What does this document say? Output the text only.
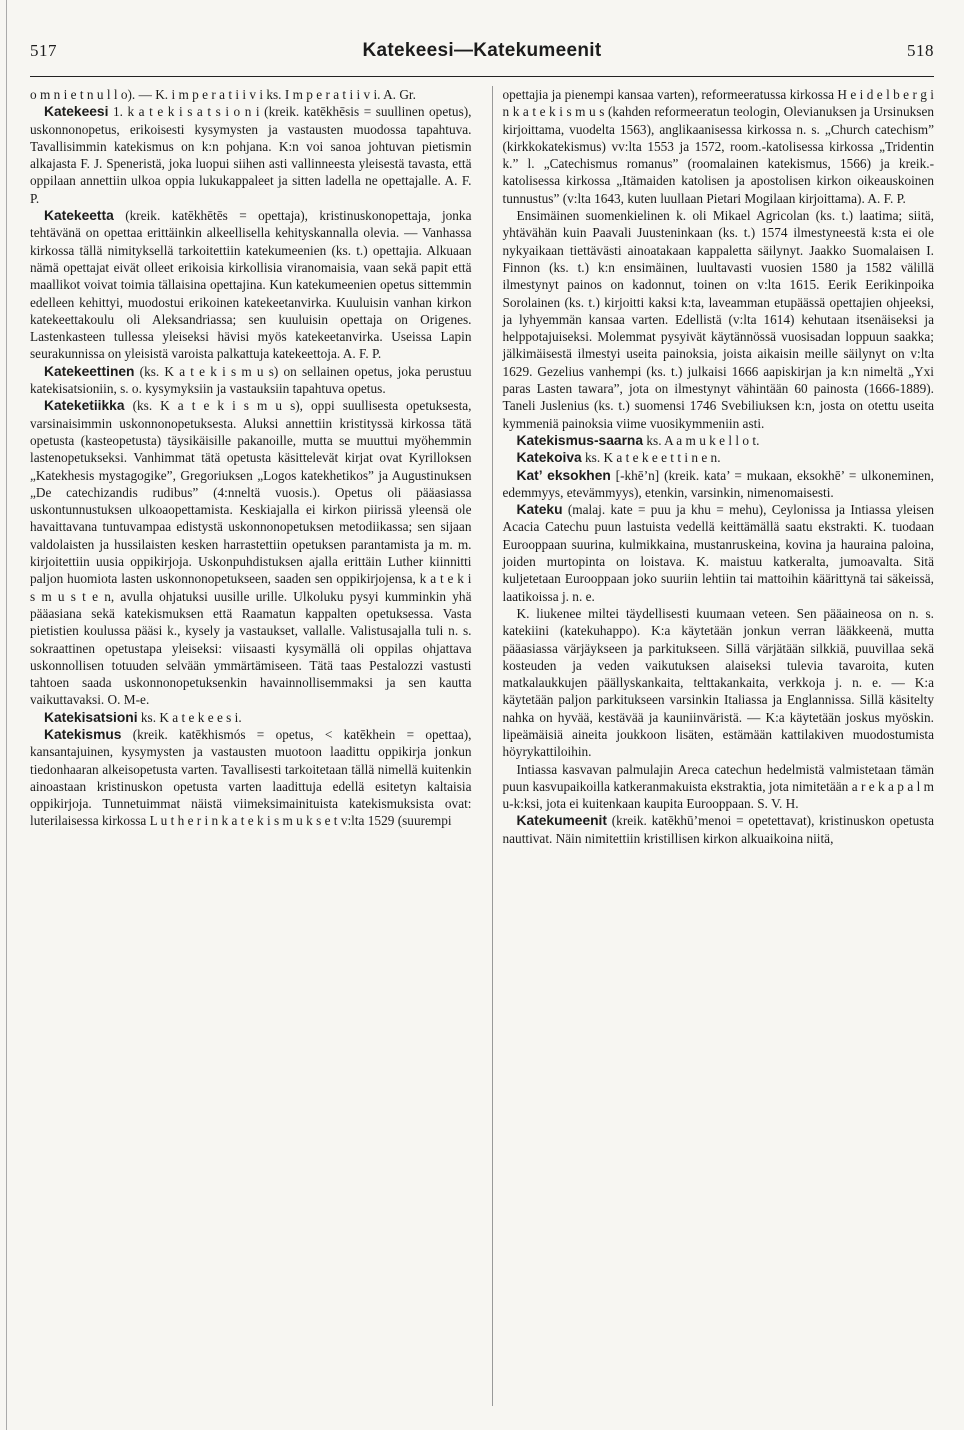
517	Katekeesi—Katekumeenit	518

o m n i e t n u l l o). — K. i m p e r a t i i v i ks. I m p e r a t i i v i. A. Gr.

Katekeesi 1. k a t e k i s a t s i o n i (kreik. katēkhēsis = suullinen opetus), uskonnonopetus, erikoisesti kysymysten ja vastausten muodossa tapahtuva. Tavallisimmin katekismus on k:n pohjana. K:n voi sanoa johtuvan pietismin alkajasta F. J. Speneristä, joka luopui siihen asti vallinneesta yleisestä tavasta, että oppilaan annettiin ulkoa oppia lukukappaleet ja sitten ladella ne opettajalle. A. F. P.

Katekeetta (kreik. katēkhētēs = opettaja), kristinuskonopettaja, jonka tehtävänä on opettaa erittäinkin alkeellisella kehityskannalla olevia. — Vanhassa kirkossa tällä nimityksellä tarkoitettiin katekumeenien (ks. t.) opettajia. Alkuaan nämä opettajat eivät olleet erikoisia kirkollisia viranomaisia, vaan sekä papit että maallikot voivat toimia tällaisina opettajina. Kun katekumeenien opetus sittemmin edelleen kehittyi, muodostui erikoinen katekeetanvirka. Kuuluisin vanhan kirkon katekeettakoulu oli Aleksandriassa; sen kuuluisin opettaja on Origenes. Lastenkasteen tullessa yleiseksi hävisi myös katekeetanvirka. Useissa Lapin seurakunnissa on yleisistä varoista palkattuja katekeettoja. A. F. P.

Katekeettinen (ks. K a t e k i s m u s) on sellainen opetus, joka perustuu katekisatsioniin, s. o. kysymyksiin ja vastauksiin tapahtuva opetus.

Kateketiikka (ks. K a t e k i s m u s), oppi suullisesta opetuksesta, varsinaisimmin uskonnonopetuksesta. Aluksi annettiin kristityssä kirkossa tätä opetusta (kasteopetusta) täysikäisille pakanoille, mutta se muuttui myöhemmin lastenopetukseksi. Vanhimmat tätä opetusta käsittelevät kirjat ovat Kyrilloksen „Katekhesis mystagogike”, Gregoriuksen „Logos katekhetikos” ja Augustinuksen „De catechizandis rudibus” (4:nneltä vuosis.). Opetus oli pääasiassa uskontunnustuksen ulkoaopettamista. Keskiajalla ei kirkon piirissä yleensä ole havaittavana tuntuvampaa edistystä uskonnonopetuksen metodiikassa; sen sijaan valdolaisten ja hussilaisten kesken harrastettiin opetuksen parantamista ja m. m. kirjoitettiin uusia oppikirjoja. Uskonpuhdistuksen ajalla erittäin Luther kiinnitti paljon huomiota lasten uskonnonopetukseen, saaden sen oppikirjojensa, k a t e k i s m u s t e n, avulla ohjatuksi uusille urille. Ulkoluku pysyi kumminkin yhä pääasiana sekä katekismuksen että Raamatun kappalten opetuksessa. Vasta pietistien koulussa pääsi k., kysely ja vastaukset, vallalle. Valistusajalla tuli n. s. sokraattinen opetustapa yleiseksi: viisaasti kysymällä oli oppilas ohjattava uskonnollisen totuuden selvään ymmärtämiseen. Tätä taas Pestalozzi vastusti tahtoen saada uskonnonopetuksenkin havainnollisemmaksi ja sen kautta vaikuttavaksi. O. M-e.

Katekisatsioni ks. K a t e k e e s i.

Katekismus (kreik. katēkhismós = opetus, < katēkhein = opettaa), kansantajuinen, kysymysten ja vastausten muotoon laadittu oppikirja jonkun tiedonhaaran alkeisopetusta varten. Tavallisesti tarkoitetaan tällä nimellä kuitenkin ainoastaan kristinuskon opetusta varten laadittuja edellä esitetyn kaltaisia oppikirjoja. Tunnetuimmat näistä viimeksimainituista katekismuksista ovat: luterilaisessa kirkossa L u t h e r i n k a t e k i s m u k s e t v:lta 1529 (suurempi

opettajia ja pienempi kansaa varten), reformeeratussa kirkossa H e i d e l b e r g i n k a t e k i s m u s (kahden reformeeratun teologin, Olevianuksen ja Ursinuksen kirjoittama, vuodelta 1563), anglikaanisessa kirkossa n. s. „Church catechism” (kirkkokatekismus) vv:lta 1553 ja 1572, room.-katolisessa kirkossa „Tridentin k.” l. „Catechismus romanus” (roomalainen katekismus, 1566) ja kreik.-katolisessa kirkossa „Itämaiden katolisen ja apostolisen kirkon oikeauskoinen tunnustus” (v:lta 1643, kuten luullaan Pietari Mogilaan kirjoittama). A. F. P.

Ensimäinen suomenkielinen k. oli Mikael Agricolan (ks. t.) laatima; siitä, yhtävähän kuin Paavali Juusteninkaan (ks. t.) 1574 ilmestyneestä k:sta ei ole nykyaikaan tiettävästi ainoatakaan kappaletta säilynyt. Jaakko Suomalaisen I. Finnon (ks. t.) k:n ensimäinen, luultavasti vuosien 1580 ja 1582 välillä ilmestynyt painos on kadonnut, toinen on v:lta 1615. Eerik Eerikinpoika Sorolainen (ks. t.) kirjoitti kaksi k:ta, laveamman etupäässä opettajien ohjeeksi, ja lyhyemmän kansaa varten. Edellistä (v:lta 1614) kehutaan itsenäiseksi ja helppotajuiseksi. Molemmat pysyivät käytännössä vuosisadan loppuun saakka; jälkimäisestä ilmestyi useita painoksia, joista aikaisin meille säilynyt on v:lta 1629. Gezelius vanhempi (ks. t.) julkaisi 1666 aapiskirjan ja k:n nimeltä „Yxi paras Lasten tawara”, jota on ilmestynyt vähintään 60 painosta (1666-1889). Taneli Juslenius (ks. t.) suomensi 1746 Svebiliuksen k:n, josta on otettu useita kymmeniä painoksia viime vuosikymmeniin asti.

Katekismus-saarna ks. A a m u k e l l o t.

Katekoiva ks. K a t e k e e t t i n e n.

Kat’ eksokhen [-khē’n] (kreik. kata’ = mukaan, eksokhē’ = ulkoneminen, edemmyys, etevämmyys), etenkin, varsinkin, nimenomaisesti.

Kateku (malaj. kate = puu ja khu = mehu), Ceylonissa ja Intiassa yleisen Acacia Catechu puun lastuista vedellä keittämällä saatu ekstrakti. K. tuodaan Eurooppaan suurina, kulmikkaina, mustanruskeina, kovina ja hauraina paloina, joiden murtopinta on loistava. K. maistuu katkeralta, jumoavalta. Sitä kuljetetaan Eurooppaan joko suuriin lehtiin tai mattoihin käärittynä tai säkeissä, laatikoissa j. n. e.

K. liukenee miltei täydellisesti kuumaan veteen. Sen pääaineosa on n. s. katekiini (katekuhappo). K:a käytetään jonkun verran lääkkeenä, mutta pääasiassa värjäykseen ja parkitukseen. Sillä värjätään silkkiä, puuvillaa sekä kosteuden ja veden vaikutuksen alaiseksi tulevia tavaroita, kuten matkalaukkujen päällyskankaita, telttakankaita, verkkoja j. n. e. — K:a käytetään paljon parkitukseen varsinkin Italiassa ja Englannissa. Sillä käsitelty nahka on hyvää, kestävää ja kauniinväristä. — K:a käytetään joskus myöskin. lipeämäisiä aineita joukkoon lisäten, estämään kattilakiven muodostumista höyrykattiloihin.

Intiassa kasvavan palmulajin Areca catechun hedelmistä valmistetaan tämän puun kasvupaikoilla katkeranmakuista ekstraktia, jota nimitetään a r e k a p a l m u-k:ksi, jota ei kuitenkaan kaupita Eurooppaan. S. V. H.

Katekumeenit (kreik. katēkhū’menoi = opetettavat), kristinuskon opetusta nauttivat. Näin nimitettiin kristillisen kirkon alkuaikoina niitä,
